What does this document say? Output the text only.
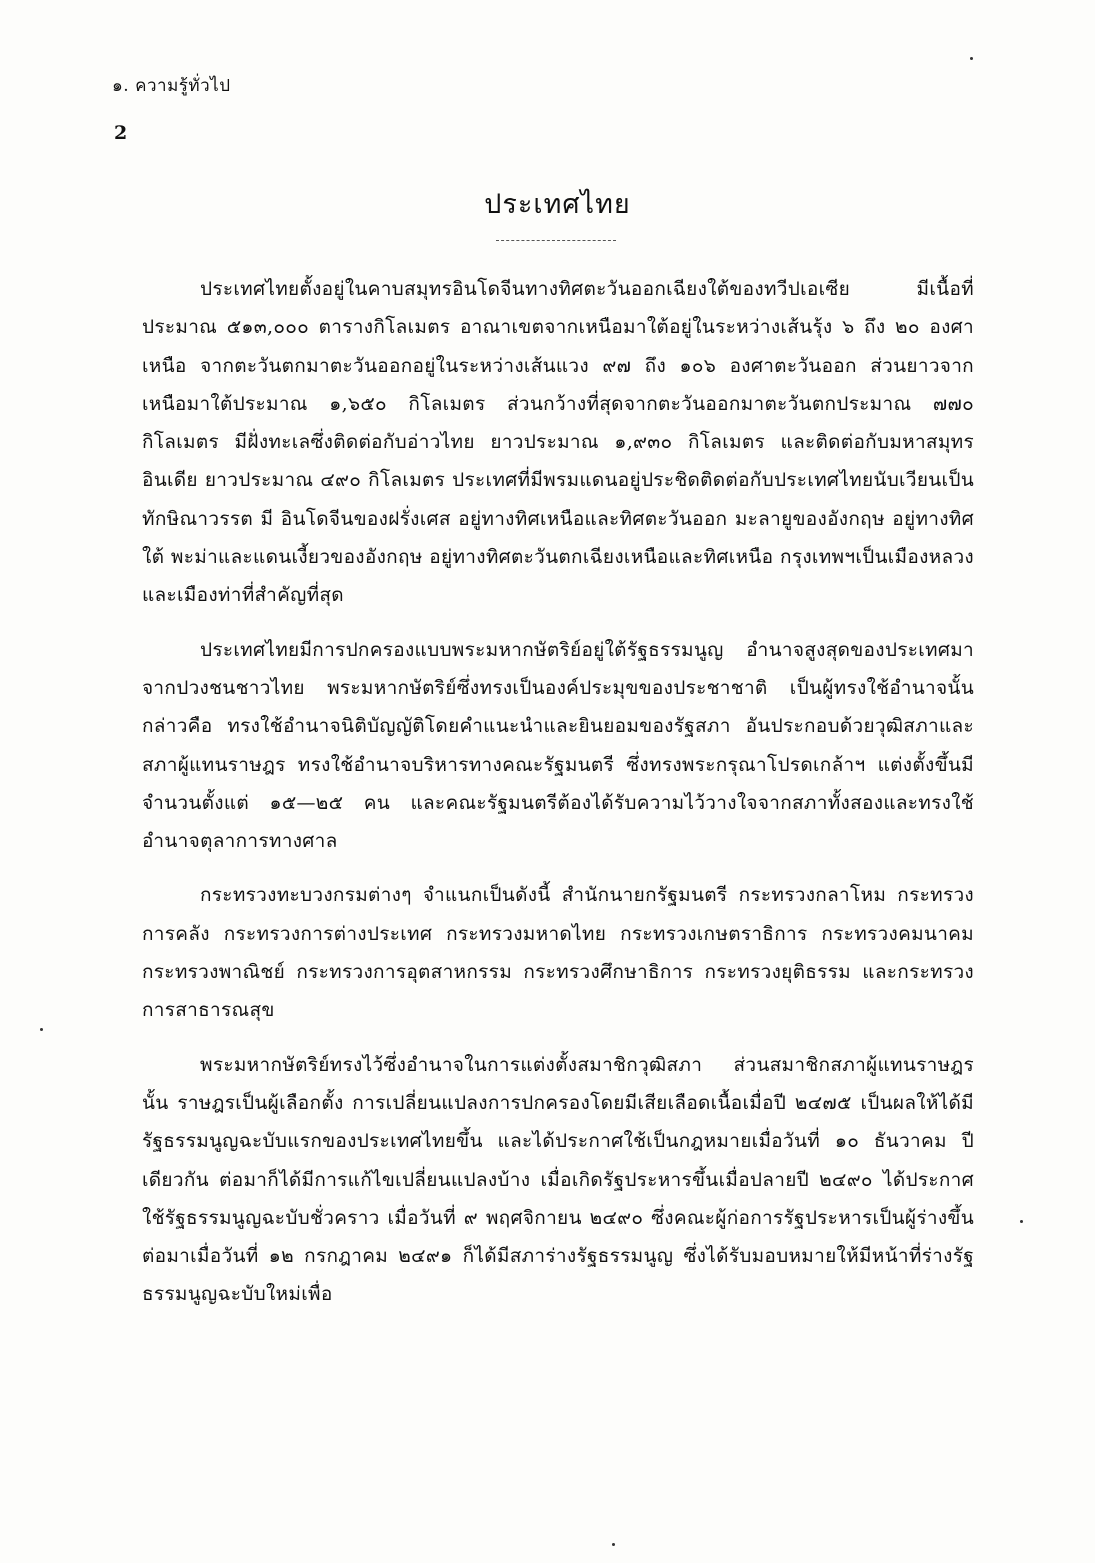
๑. ความรู้ทั่วไป
2
ประเทศไทย

ประเทศไทยตั้งอยู่ในคาบสมุทรอินโดจีนทางทิศตะวันออกเฉียงใต้ของทวีปเอเซีย มีเนื้อที่ประมาณ ๕๑๓,๐๐๐ ตารางกิโลเมตร อาณาเขตจากเหนือมาใต้อยู่ในระหว่างเส้นรุ้ง ๖ ถึง ๒๐ องศาเหนือ จากตะวันตกมาตะวันออกอยู่ในระหว่างเส้นแวง ๙๗ ถึง ๑๐๖ องศาตะวันออก ส่วนยาวจากเหนือมาใต้ประมาณ ๑,๖๕๐ กิโลเมตร ส่วนกว้างที่สุดจากตะวันออกมาตะวันตกประมาณ ๗๗๐ กิโลเมตร มีฝั่งทะเลซึ่งติดต่อกับอ่าวไทย ยาวประมาณ ๑,๙๓๐ กิโลเมตร และติดต่อกับมหาสมุทรอินเดีย ยาวประมาณ ๔๙๐ กิโลเมตร ประเทศที่มีพรมแดนอยู่ประชิดติดต่อกับประเทศไทยนับเวียนเป็นทักษิณาวรรต มี อินโดจีนของฝรั่งเศส อยู่ทางทิศเหนือและทิศตะวันออก มะลายูของอังกฤษ อยู่ทางทิศใต้ พะม่าและแดนเงี้ยวของอังกฤษ อยู่ทางทิศตะวันตกเฉียงเหนือและทิศเหนือ กรุงเทพฯเป็นเมืองหลวงและเมืองท่าที่สำคัญที่สุด

ประเทศไทยมีการปกครองแบบพระมหากษัตริย์อยู่ใต้รัฐธรรมนูญ อำนาจสูงสุดของประเทศมาจากปวงชนชาวไทย พระมหากษัตริย์ซึ่งทรงเป็นองค์ประมุขของประชาชาติ เป็นผู้ทรงใช้อำนาจนั้นกล่าวคือ ทรงใช้อำนาจนิติบัญญัติโดยคำแนะนำและยินยอมของรัฐสภา อันประกอบด้วยวุฒิสภาและสภาผู้แทนราษฎร ทรงใช้อำนาจบริหารทางคณะรัฐมนตรี ซึ่งทรงพระกรุณาโปรดเกล้าฯ แต่งตั้งขึ้นมีจำนวนตั้งแต่ ๑๕—๒๕ คน และคณะรัฐมนตรีต้องได้รับความไว้วางใจจากสภาทั้งสองและทรงใช้อำนาจตุลาการทางศาล

กระทรวงทะบวงกรมต่างๆ จำแนกเป็นดังนี้ สำนักนายกรัฐมนตรี กระทรวงกลาโหม กระทรวงการคลัง กระทรวงการต่างประเทศ กระทรวงมหาดไทย กระทรวงเกษตราธิการ กระทรวงคมนาคม กระทรวงพาณิชย์ กระทรวงการอุตสาหกรรม กระทรวงศึกษาธิการ กระทรวงยุติธรรม และกระทรวงการสาธารณสุข

พระมหากษัตริย์ทรงไว้ซึ่งอำนาจในการแต่งตั้งสมาชิกวุฒิสภา ส่วนสมาชิกสภาผู้แทนราษฎรนั้น ราษฎรเป็นผู้เลือกตั้ง การเปลี่ยนแปลงการปกครองโดยมีเสียเลือดเนื้อเมื่อปี ๒๔๗๕ เป็นผลให้ได้มีรัฐธรรมนูญฉะบับแรกของประเทศไทยขึ้น และได้ประกาศใช้เป็นกฎหมายเมื่อวันที่ ๑๐ ธันวาคม ปีเดียวกัน ต่อมาก็ได้มีการแก้ไขเปลี่ยนแปลงบ้าง เมื่อเกิดรัฐประหารขึ้นเมื่อปลายปี ๒๔๙๐ ได้ประกาศใช้รัฐธรรมนูญฉะบับชั่วคราว เมื่อวันที่ ๙ พฤศจิกายน ๒๔๙๐ ซึ่งคณะผู้ก่อการรัฐประหารเป็นผู้ร่างขึ้น ต่อมาเมื่อวันที่ ๑๒ กรกฎาคม ๒๔๙๑ ก็ได้มีสภาร่างรัฐธรรมนูญ ซึ่งได้รับมอบหมายให้มีหน้าที่ร่างรัฐธรรมนูญฉะบับใหม่เพื่อ
